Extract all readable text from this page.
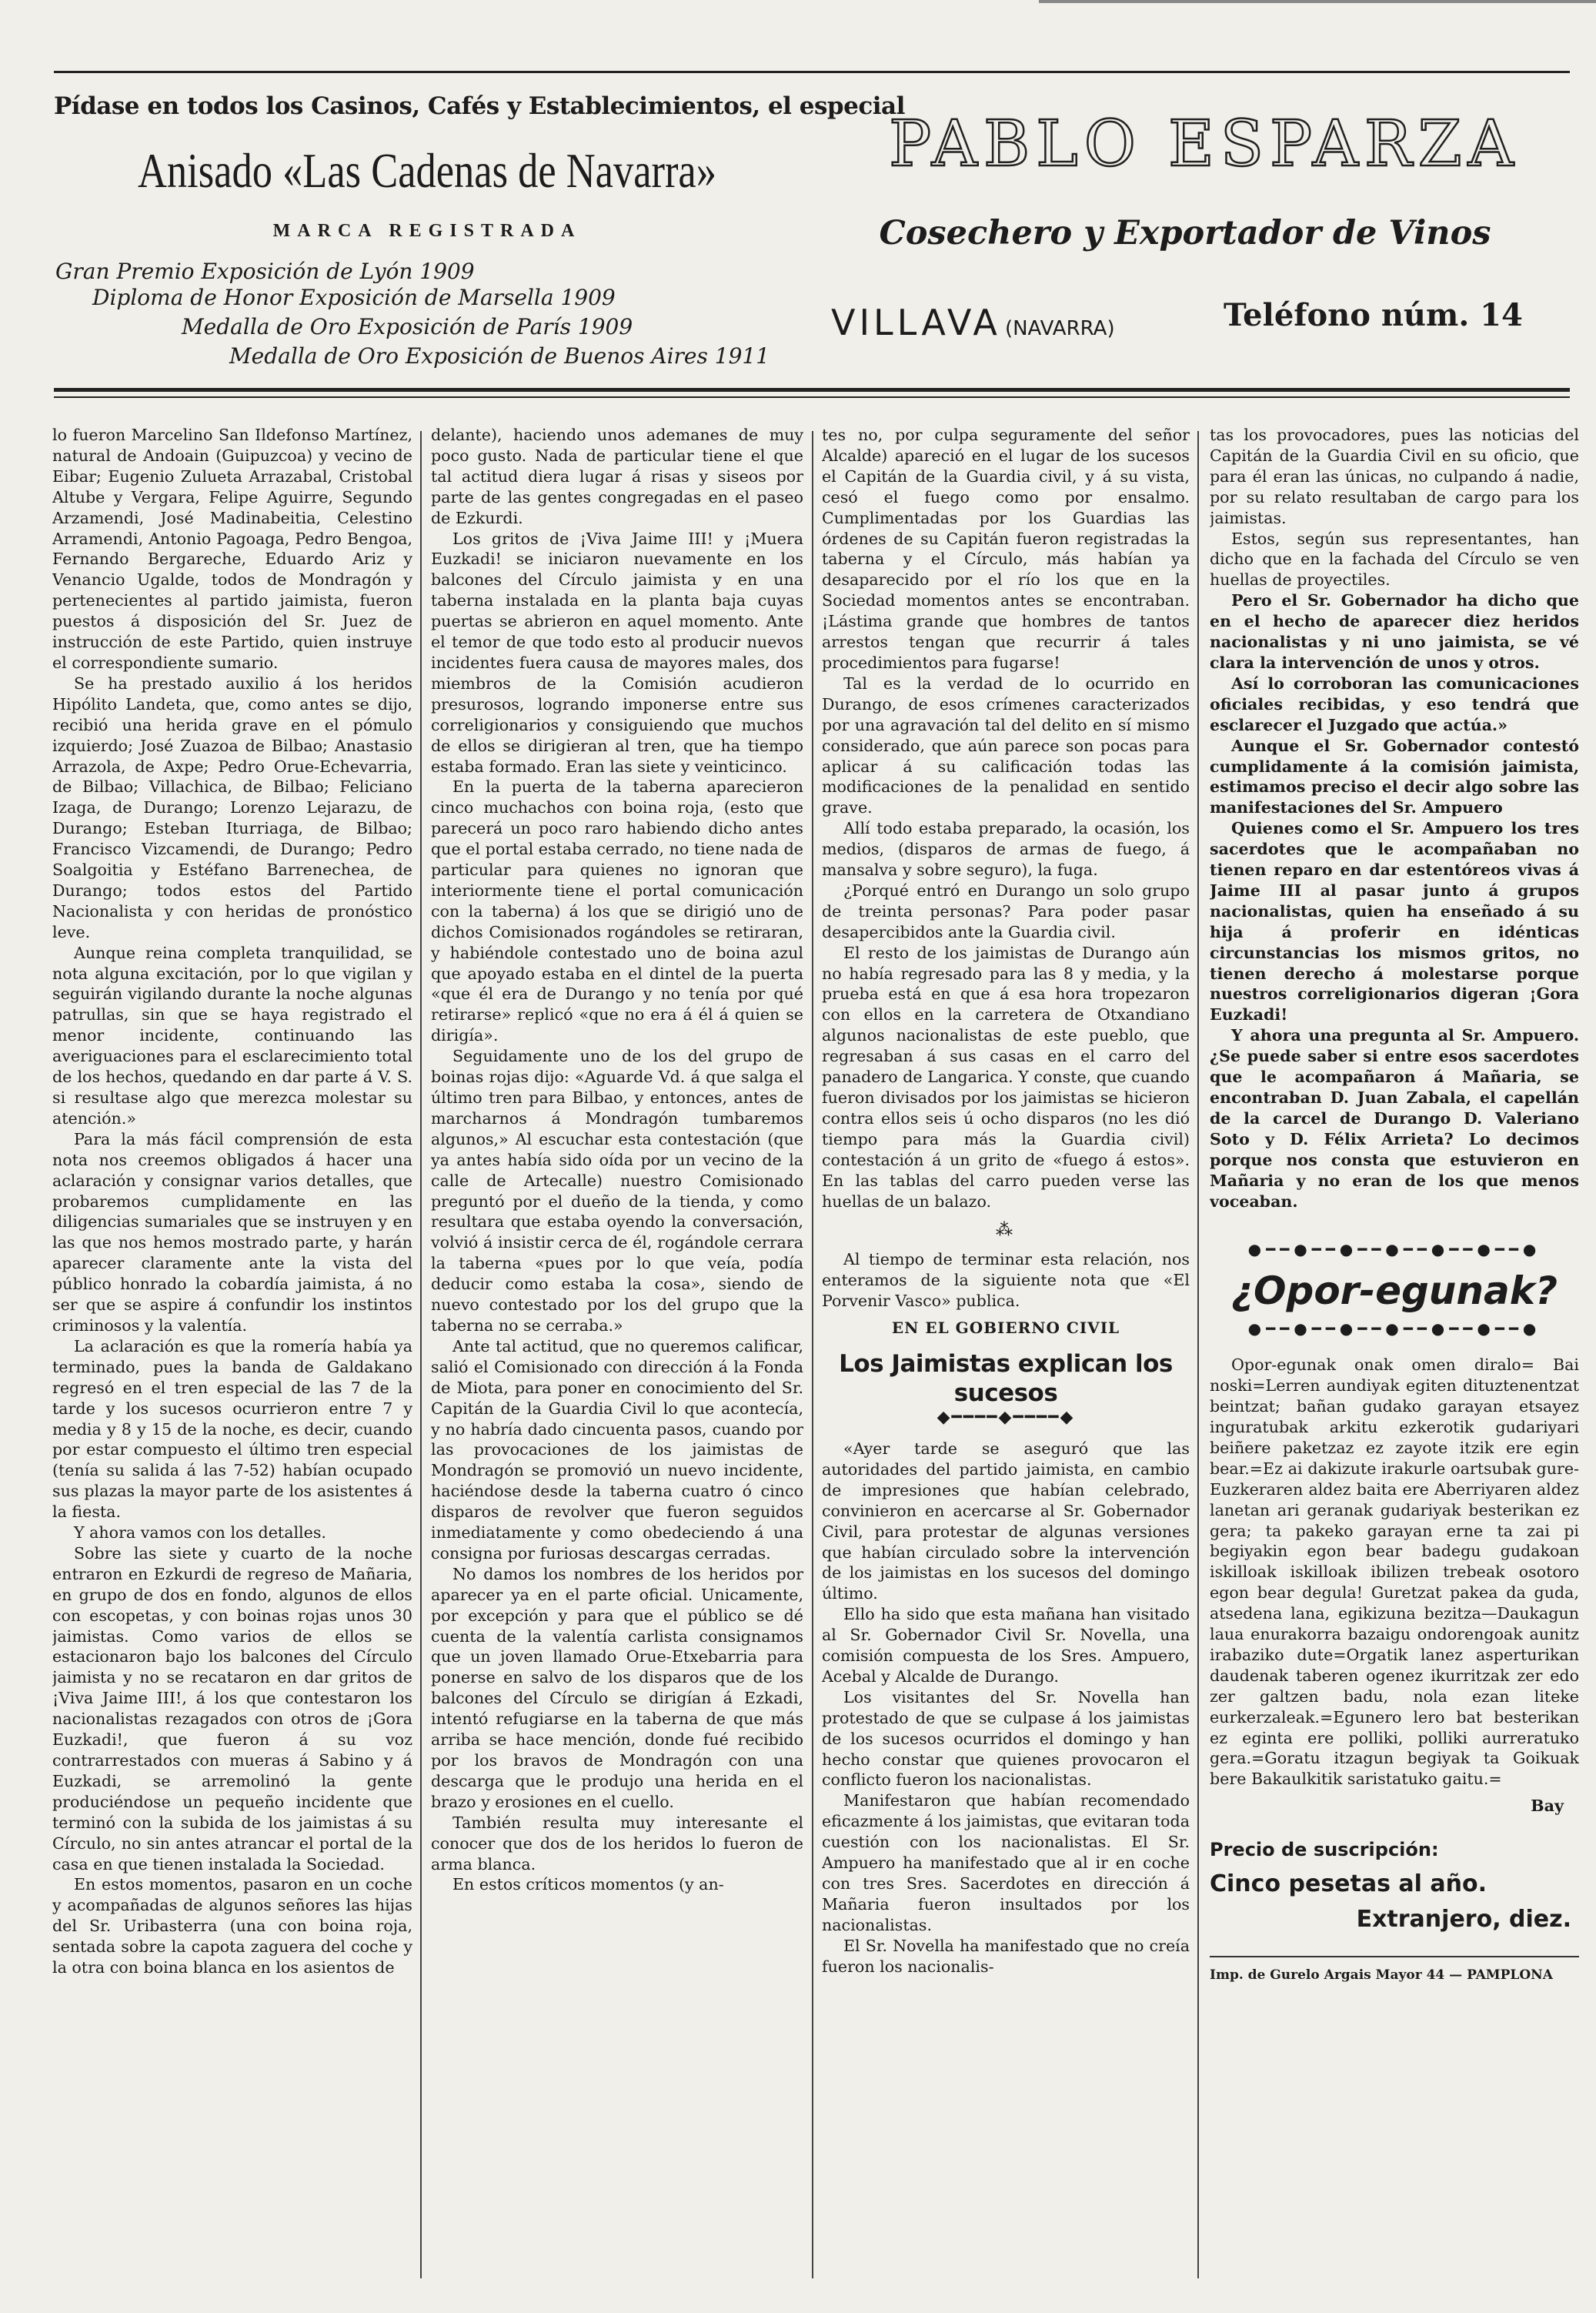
Pídase en todos los Casinos, Cafés y Establecimientos, el especial
Anisado «Las Cadenas de Navarra»
MARCA REGISTRADA
Gran Premio Exposición de Lyón 1909
Diploma de Honor Exposición de Marsella 1909
Medalla de Oro Exposición de París 1909
Medalla de Oro Exposición de Buenos Aires 1911
PABLO ESPARZA
Cosechero y Exportador de Vinos
VILLAVA (NAVARRA)	Teléfono núm. 14

lo fueron Marcelino San Ildefonso Martínez, natural de Andoain (Guipuzcoa) y vecino de Eibar; Eugenio Zulueta Arrazabal, Cristobal Altube y Vergara, Felipe Aguirre, Segundo Arzamendi, José Madinabeitia, Celestino Arramendi, Antonio Pagoaga, Pedro Bengoa, Fernando Bergareche, Eduardo Ariz y Venancio Ugalde, todos de Mondragón y pertenecientes al partido jaimista, fueron puestos á disposición del Sr. Juez de instrucción de este Partido, quien instruye el correspondiente sumario.

Se ha prestado auxilio á los heridos Hipólito Landeta, que, como antes se dijo, recibió una herida grave en el pómulo izquierdo; José Zuazoa de Bilbao; Anastasio Arrazola, de Axpe; Pedro Orue-Echevarria, de Bilbao; Villachica, de Bilbao; Feliciano Izaga, de Durango; Lorenzo Lejarazu, de Durango; Esteban Iturriaga, de Bilbao; Francisco Vizcamendi, de Durango; Pedro Soalgoitia y Estéfano Barrenechea, de Durango; todos estos del Partido Nacionalista y con heridas de pronóstico leve.

Aunque reina completa tranquilidad, se nota alguna excitación, por lo que vigilan y seguirán vigilando durante la noche algunas patrullas, sin que se haya registrado el menor incidente, continuando las averiguaciones para el esclarecimiento total de los hechos, quedando en dar parte á V. S. si resultase algo que merezca molestar su atención.»

Para la más fácil comprensión de esta nota nos creemos obligados á hacer una aclaración y consignar varios detalles, que probaremos cumplidamente en las diligencias sumariales que se instruyen y en las que nos hemos mostrado parte, y harán aparecer claramente ante la vista del público honrado la cobardía jaimista, á no ser que se aspire á confundir los instintos criminosos y la valentía.

La aclaración es que la romería había ya terminado, pues la banda de Galdakano regresó en el tren especial de las 7 de la tarde y los sucesos ocurrieron entre 7 y media y 8 y 15 de la noche, es decir, cuando por estar compuesto el último tren especial (tenía su salida á las 7-52) habían ocupado sus plazas la mayor parte de los asistentes á la fiesta.

Y ahora vamos con los detalles.

Sobre las siete y cuarto de la noche entraron en Ezkurdi de regreso de Mañaria, en grupo de dos en fondo, algunos de ellos con escopetas, y con boinas rojas unos 30 jaimistas. Como varios de ellos se estacionaron bajo los balcones del Círculo jaimista y no se recataron en dar gritos de ¡Viva Jaime III!, á los que contestaron los nacionalistas rezagados con otros de ¡Gora Euzkadi!, que fueron á su voz contrarrestados con mueras á Sabino y á Euzkadi, se arremolinó la gente produciéndose un pequeño incidente que terminó con la subida de los jaimistas á su Círculo, no sin antes atrancar el portal de la casa en que tienen instalada la Sociedad.

En estos momentos, pasaron en un coche y acompañadas de algunos señores las hijas del Sr. Uribasterra (una con boina roja, sentada sobre la capota zaguera del coche y la otra con boina blanca en los asientos de

delante), haciendo unos ademanes de muy poco gusto. Nada de particular tiene el que tal actitud diera lugar á risas y siseos por parte de las gentes congregadas en el paseo de Ezkurdi.

Los gritos de ¡Viva Jaime III! y ¡Muera Euzkadi! se iniciaron nuevamente en los balcones del Círculo jaimista y en una taberna instalada en la planta baja cuyas puertas se abrieron en aquel momento. Ante el temor de que todo esto al producir nuevos incidentes fuera causa de mayores males, dos miembros de la Comisión acudieron presurosos, logrando imponerse entre sus correligionarios y consiguiendo que muchos de ellos se dirigieran al tren, que ha tiempo estaba formado. Eran las siete y veinticinco.

En la puerta de la taberna aparecieron cinco muchachos con boina roja, (esto que parecerá un poco raro habiendo dicho antes que el portal estaba cerrado, no tiene nada de particular para quienes no ignoran que interiormente tiene el portal comunicación con la taberna) á los que se dirigió uno de dichos Comisionados rogándoles se retiraran, y habiéndole contestado uno de boina azul que apoyado estaba en el dintel de la puerta «que él era de Durango y no tenía por qué retirarse» replicó «que no era á él á quien se dirigía».

Seguidamente uno de los del grupo de boinas rojas dijo: «Aguarde Vd. á que salga el último tren para Bilbao, y entonces, antes de marcharnos á Mondragón tumbaremos algunos,» Al escuchar esta contestación (que ya antes había sido oída por un vecino de la calle de Artecalle) nuestro Comisionado preguntó por el dueño de la tienda, y como resultara que estaba oyendo la conversación, volvió á insistir cerca de él, rogándole cerrara la taberna «pues por lo que veía, podía deducir como estaba la cosa», siendo de nuevo contestado por los del grupo que la taberna no se cerraba.»

Ante tal actitud, que no queremos calificar, salió el Comisionado con dirección á la Fonda de Miota, para poner en conocimiento del Sr. Capitán de la Guardia Civil lo que acontecía, y no habría dado cincuenta pasos, cuando por las provocaciones de los jaimistas de Mondragón se promovió un nuevo incidente, haciéndose desde la taberna cuatro ó cinco disparos de revolver que fueron seguidos inmediatamente y como obedeciendo á una consigna por furiosas descargas cerradas.

No damos los nombres de los heridos por aparecer ya en el parte oficial. Unicamente, por excepción y para que el público se dé cuenta de la valentía carlista consignamos que un joven llamado Orue-Etxebarria para ponerse en salvo de los disparos que de los balcones del Círculo se dirigían á Ezkadi, intentó refugiarse en la taberna de que más arriba se hace mención, donde fué recibido por los bravos de Mondragón con una descarga que le produjo una herida en el brazo y erosiones en el cuello.

También resulta muy interesante el conocer que dos de los heridos lo fueron de arma blanca.

En estos críticos momentos (y an-

tes no, por culpa seguramente del señor Alcalde) apareció en el lugar de los sucesos el Capitán de la Guardia civil, y á su vista, cesó el fuego como por ensalmo. Cumplimentadas por los Guardias las órdenes de su Capitán fueron registradas la taberna y el Círculo, más habían ya desaparecido por el río los que en la Sociedad momentos antes se encontraban. ¡Lástima grande que hombres de tantos arrestos tengan que recurrir á tales procedimientos para fugarse!

Tal es la verdad de lo ocurrido en Durango, de esos crímenes caracterizados por una agravación tal del delito en sí mismo considerado, que aún parece son pocas para aplicar á su calificación todas las modificaciones de la penalidad en sentido grave.

Allí todo estaba preparado, la ocasión, los medios, (disparos de armas de fuego, á mansalva y sobre seguro), la fuga.

¿Porqué entró en Durango un solo grupo de treinta personas? Para poder pasar desapercibidos ante la Guardia civil.

El resto de los jaimistas de Durango aún no había regresado para las 8 y media, y la prueba está en que á esa hora tropezaron con ellos en la carretera de Otxandiano algunos nacionalistas de este pueblo, que regresaban á sus casas en el carro del panadero de Langarica. Y conste, que cuando fueron divisados por los jaimistas se hicieron contra ellos seis ú ocho disparos (no les dió tiempo para más la Guardia civil) contestación á un grito de «fuego á estos». En las tablas del carro pueden verse las huellas de un balazo.

⁂

Al tiempo de terminar esta relación, nos enteramos de la siguiente nota que «El Porvenir Vasco» publica.

EN EL GOBIERNO CIVIL
Los Jaimistas explican los sucesos
◆━━━━◆━━━━◆

«Ayer tarde se aseguró que las autoridades del partido jaimista, en cambio de impresiones que habían celebrado, convinieron en acercarse al Sr. Gobernador Civil, para protestar de algunas versiones que habían circulado sobre la intervención de los jaimistas en los sucesos del domingo último.

Ello ha sido que esta mañana han visitado al Sr. Gobernador Civil Sr. Novella, una comisión compuesta de los Sres. Ampuero, Acebal y Alcalde de Durango.

Los visitantes del Sr. Novella han protestado de que se culpase á los jaimistas de los sucesos ocurridos el domingo y han hecho constar que quienes provocaron el conflicto fueron los nacionalistas.

Manifestaron que habían recomendado eficazmente á los jaimistas, que evitaran toda cuestión con los nacionalistas. El Sr. Ampuero ha manifestado que al ir en coche con tres Sres. Sacerdotes en dirección á Mañaria fueron insultados por los nacionalistas.

El Sr. Novella ha manifestado que no creía fueron los nacionalis-

tas los provocadores, pues las noticias del Capitán de la Guardia Civil en su oficio, que para él eran las únicas, no culpando á nadie, por su relato resultaban de cargo para los jaimistas.

Estos, según sus representantes, han dicho que en la fachada del Círculo se ven huellas de proyectiles.

Pero el Sr. Gobernador ha dicho que en el hecho de aparecer diez heridos nacionalistas y ni uno jaimista, se vé clara la intervención de unos y otros.

Así lo corroboran las comunicaciones oficiales recibidas, y eso tendrá que esclarecer el Juzgado que actúa.»

Aunque el Sr. Gobernador contestó cumplidamente á la comisión jaimista, estimamos preciso el decir algo sobre las manifestaciones del Sr. Ampuero

Quienes como el Sr. Ampuero los tres sacerdotes que le acompañaban no tienen reparo en dar estentóreos vivas á Jaime III al pasar junto á grupos nacionalistas, quien ha enseñado á su hija á proferir en idénticas circunstancias los mismos gritos, no tienen derecho á molestarse porque nuestros correligionarios digeran ¡Gora Euzkadi!

Y ahora una pregunta al Sr. Ampuero. ¿Se puede saber si entre esos sacerdotes que le acompañaron á Mañaria, se encontraban D. Juan Zabala, el capellán de la carcel de Durango D. Valeriano Soto y D. Félix Arrieta? Lo decimos porque nos consta que estuvieron en Mañaria y no eran de los que menos voceaban.

●━━●━━●━━●━━●━━●━━●
¿Opor-egunak?
●━━●━━●━━●━━●━━●━━●

Opor-egunak onak omen diralo= Bai noski=Lerren aundiyak egiten dituztenentzat beintzat; bañan gudako garayan etsayez inguratubak arkitu ezkerotik gudariyari beiñere paketzaz ez zayote itzik ere egin bear.=Ez ai dakizute irakurle oartsubak gure-Euzkeraren aldez baita ere Aberriyaren aldez lanetan ari geranak gudariyak besterikan ez gera; ta pakeko garayan erne ta zai pi begiyakin egon bear badegu gudakoan iskilloak iskilloak ibilizen trebeak osotoro egon bear degula! Guretzat pakea da guda, atsedena lana, egikizuna bezitza—Daukagun laua enurakorra bazaigu ondorengoak aunitz irabaziko dute=Orgatik lanez asperturikan daudenak taberen ogenez ikurritzak zer edo zer galtzen badu, nola ezan liteke eurkerzaleak.=Egunero lero bat besterikan ez eginta ere polliki, polliki aurreratuko gera.=Goratu itzagun begiyak ta Goikuak bere Bakaulkitik saristatuko gaitu.=

Bay
Precio de suscripción:
Cinco pesetas al año.
Extranjero, diez.
Imp. de Gurelo Argais Mayor 44 — PAMPLONA
